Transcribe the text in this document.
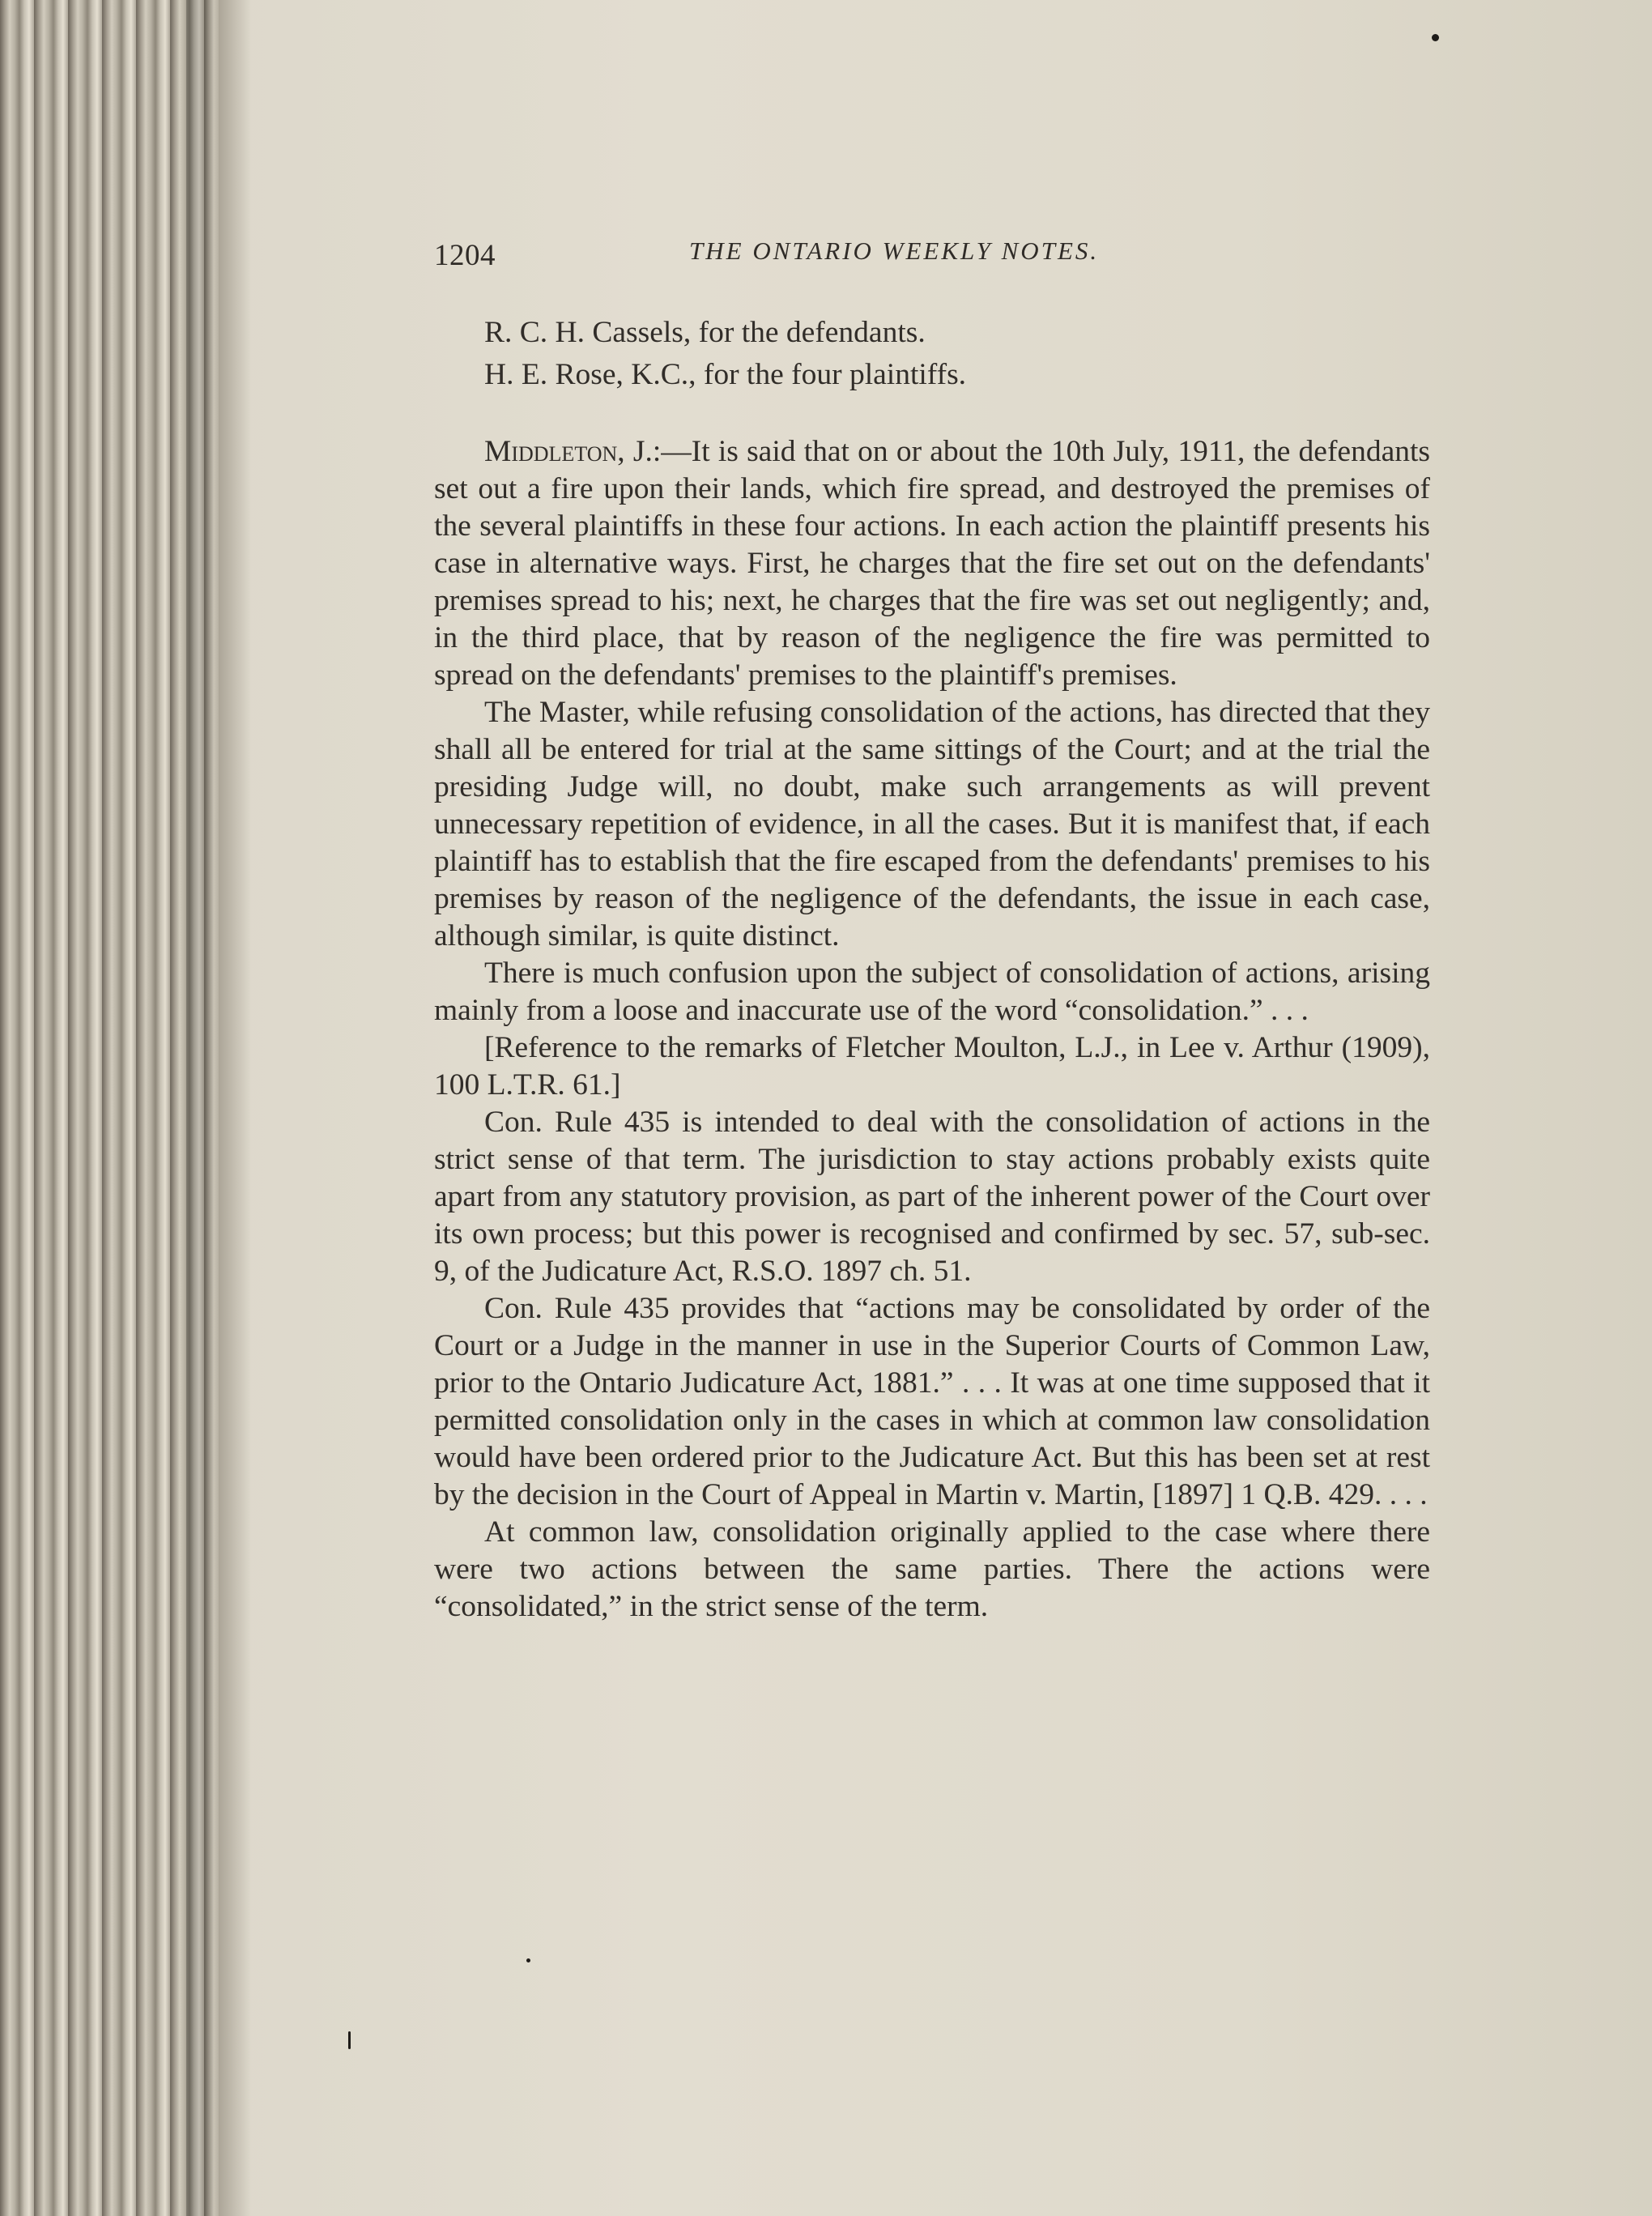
1204	THE ONTARIO WEEKLY NOTES.

R. C. H. Cassels, for the defendants.

H. E. Rose, K.C., for the four plaintiffs.

Middleton, J.:—It is said that on or about the 10th July, 1911, the defendants set out a fire upon their lands, which fire spread, and destroyed the premises of the several plaintiffs in these four actions. In each action the plaintiff presents his case in alternative ways. First, he charges that the fire set out on the defendants' premises spread to his; next, he charges that the fire was set out negligently; and, in the third place, that by reason of the negligence the fire was permitted to spread on the defendants' premises to the plaintiff's premises.

The Master, while refusing consolidation of the actions, has directed that they shall all be entered for trial at the same sittings of the Court; and at the trial the presiding Judge will, no doubt, make such arrangements as will prevent unnecessary repetition of evidence, in all the cases. But it is manifest that, if each plaintiff has to establish that the fire escaped from the defendants' premises to his premises by reason of the negligence of the defendants, the issue in each case, although similar, is quite distinct.

There is much confusion upon the subject of consolidation of actions, arising mainly from a loose and inaccurate use of the word “consolidation.” . . .

[Reference to the remarks of Fletcher Moulton, L.J., in Lee v. Arthur (1909), 100 L.T.R. 61.]

Con. Rule 435 is intended to deal with the consolidation of actions in the strict sense of that term. The jurisdiction to stay actions probably exists quite apart from any statutory provision, as part of the inherent power of the Court over its own process; but this power is recognised and confirmed by sec. 57, sub-sec. 9, of the Judicature Act, R.S.O. 1897 ch. 51.

Con. Rule 435 provides that “actions may be consolidated by order of the Court or a Judge in the manner in use in the Superior Courts of Common Law, prior to the Ontario Judicature Act, 1881.” . . . It was at one time supposed that it permitted consolidation only in the cases in which at common law consolidation would have been ordered prior to the Judicature Act. But this has been set at rest by the decision in the Court of Appeal in Martin v. Martin, [1897] 1 Q.B. 429. . . .

At common law, consolidation originally applied to the case where there were two actions between the same parties. There the actions were “consolidated,” in the strict sense of the term.
